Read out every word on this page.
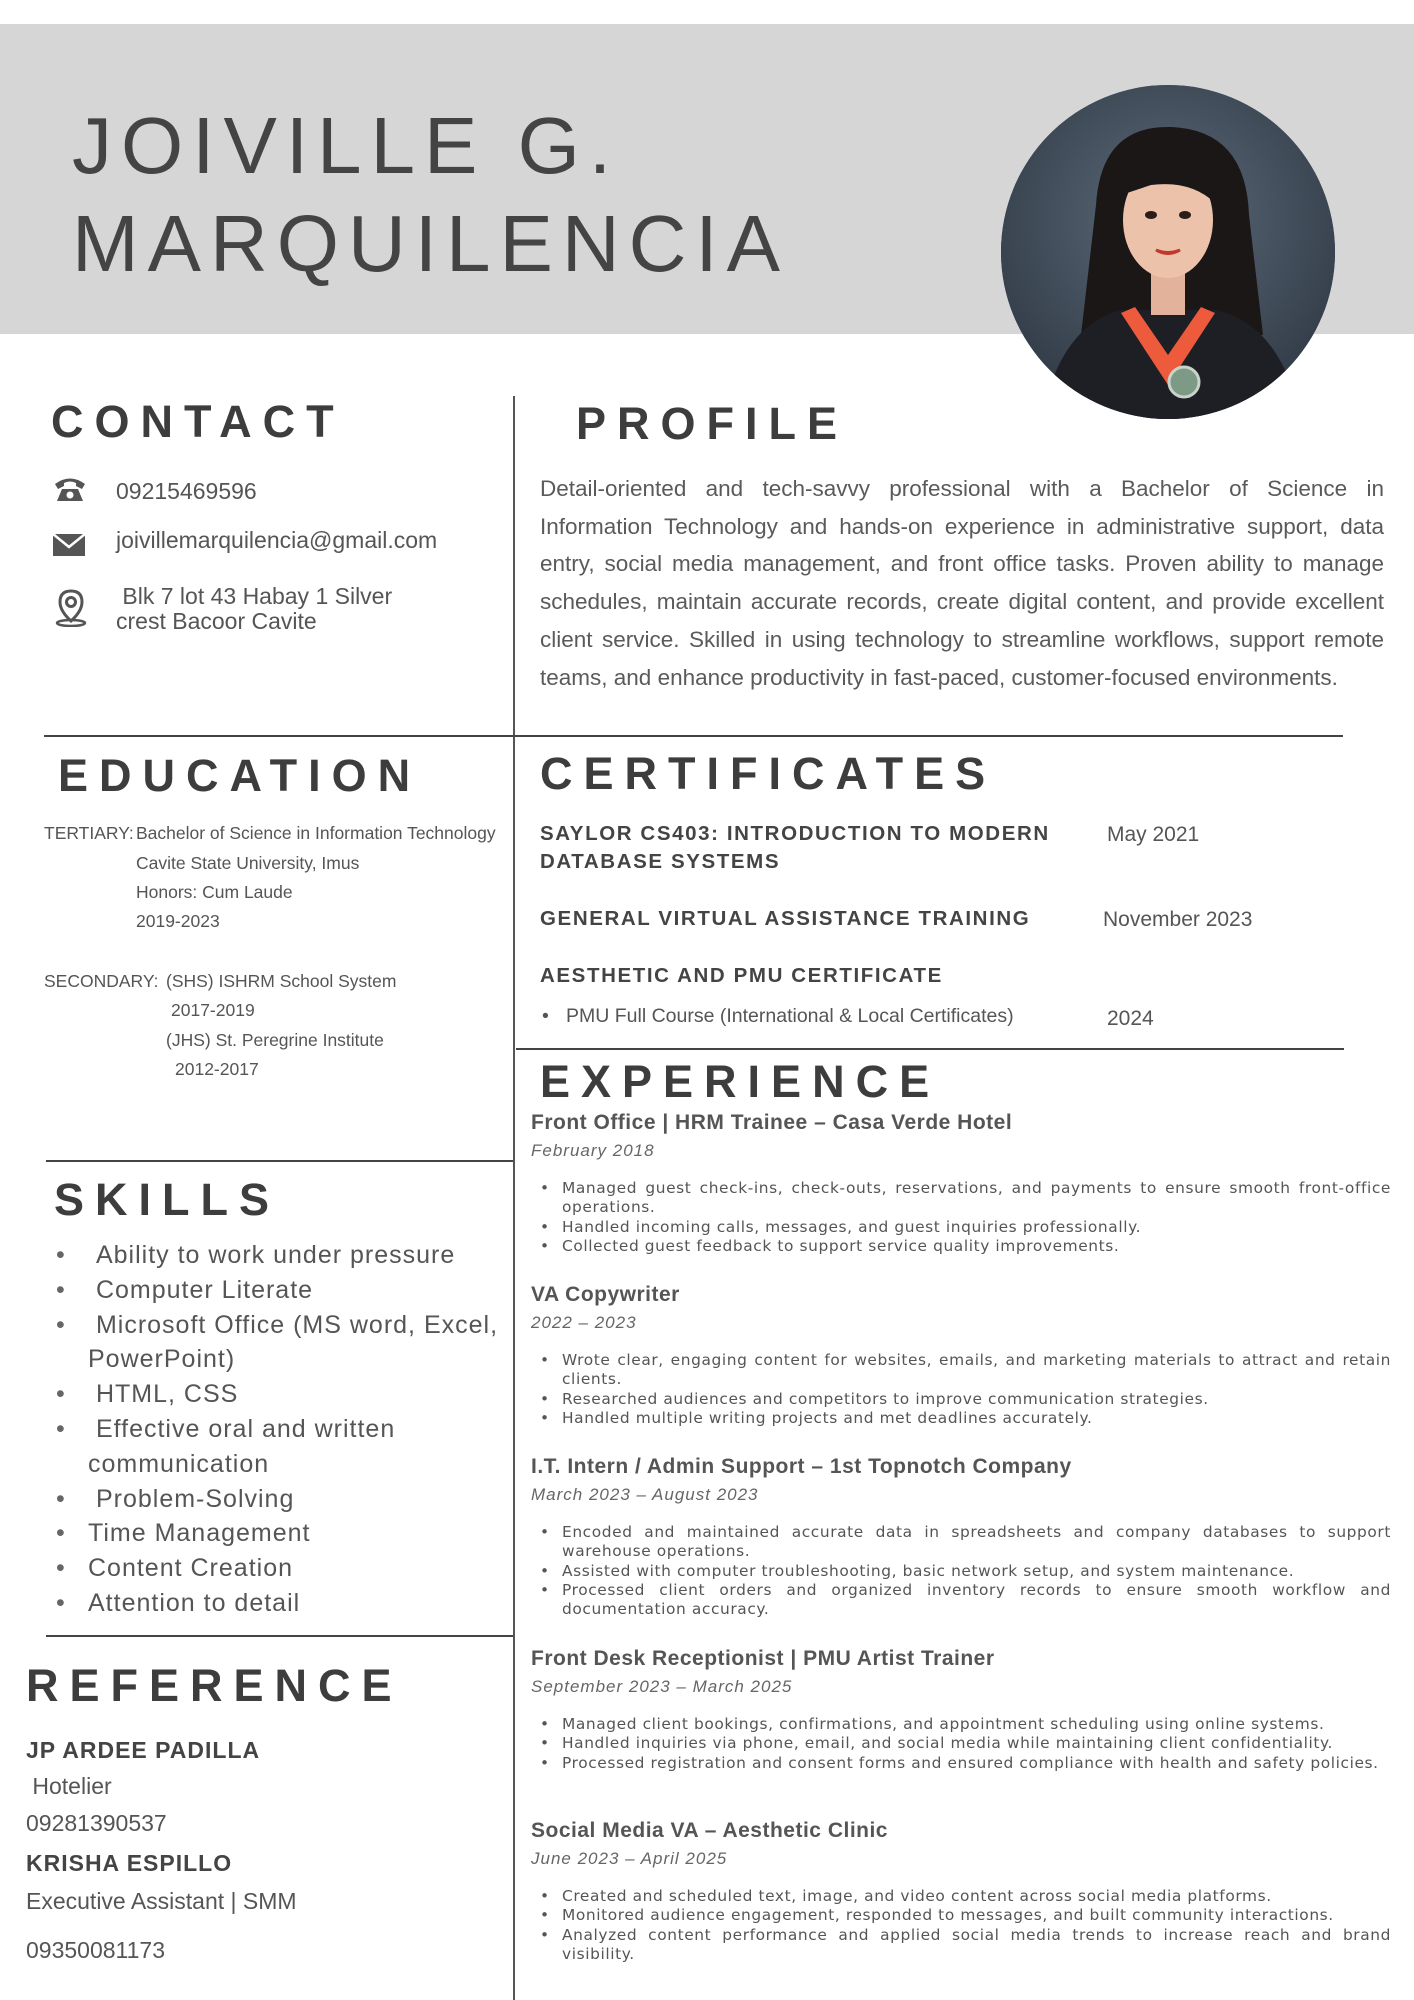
JOIVILLE G.
MARQUILENCIA
CONTACT
09215469596
joivillemarquilencia@gmail.com
Blk 7 lot 43 Habay 1 Silver
crest Bacoor Cavite
PROFILE
Detail-oriented and tech-savvy professional with a Bachelor of Science in Information Technology and hands-on experience in administrative support, data entry, social media management, and front office tasks. Proven ability to manage schedules, maintain accurate records, create digital content, and provide excellent client service. Skilled in using technology to streamline workflows, support remote teams, and enhance productivity in fast-paced, customer-focused environments.
EDUCATION
TERTIARY: Bachelor of Science in Information Technology
Cavite State University, Imus
Honors: Cum Laude
2019-2023
SECONDARY: (SHS) ISHRM School System
2017-2019
(JHS) St. Peregrine Institute
2012-2017
CERTIFICATES
SAYLOR CS403: INTRODUCTION TO MODERN
DATABASE SYSTEMS
May 2021
GENERAL VIRTUAL ASSISTANCE TRAINING	November 2023
AESTHETIC AND PMU CERTIFICATE
• PMU Full Course (International & Local Certificates)	2024
EXPERIENCE
Front Office | HRM Trainee – Casa Verde Hotel
February 2018
• Managed guest check-ins, check-outs, reservations, and payments to ensure smooth front-office operations.
• Handled incoming calls, messages, and guest inquiries professionally.
• Collected guest feedback to support service quality improvements.
VA Copywriter
2022 – 2023
• Wrote clear, engaging content for websites, emails, and marketing materials to attract and retain clients.
• Researched audiences and competitors to improve communication strategies.
• Handled multiple writing projects and met deadlines accurately.
I.T. Intern / Admin Support – 1st Topnotch Company
March 2023 – August 2023
• Encoded and maintained accurate data in spreadsheets and company databases to support warehouse operations.
• Assisted with computer troubleshooting, basic network setup, and system maintenance.
• Processed client orders and organized inventory records to ensure smooth workflow and documentation accuracy.
Front Desk Receptionist | PMU Artist Trainer
September 2023 – March 2025
• Managed client bookings, confirmations, and appointment scheduling using online systems.
• Handled inquiries via phone, email, and social media while maintaining client confidentiality.
• Processed registration and consent forms and ensured compliance with health and safety policies.
Social Media VA – Aesthetic Clinic
June 2023 – April 2025
• Created and scheduled text, image, and video content across social media platforms.
• Monitored audience engagement, responded to messages, and built community interactions.
• Analyzed content performance and applied social media trends to increase reach and brand visibility.
SKILLS
•  Ability to work under pressure
•  Computer Literate
•  Microsoft Office (MS word, Excel, PowerPoint)
•  HTML, CSS
•  Effective oral and written communication
•  Problem-Solving
• Time Management
• Content Creation
• Attention to detail
REFERENCE
JP ARDEE PADILLA
Hotelier
09281390537
KRISHA ESPILLO
Executive Assistant | SMM
09350081173
